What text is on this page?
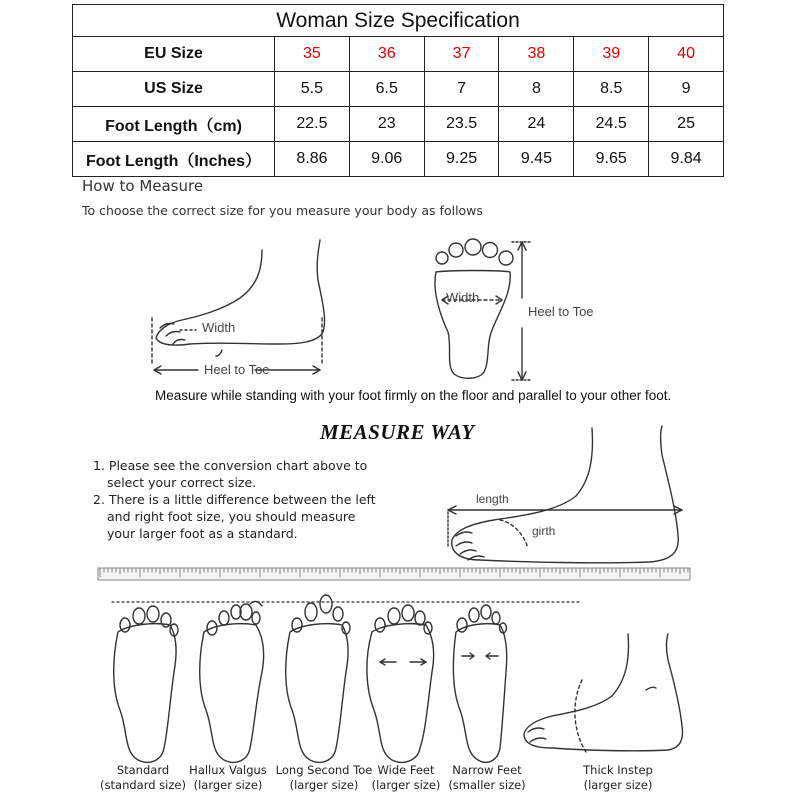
Woman Size Specification						
EU Size	35	36	37	38	39	40
US Size	5.5	6.5	7	8	8.5	9
Foot Length（cm)	22.5	23	23.5	24	24.5	25
Foot Length（Inches）	8.86	9.06	9.25	9.45	9.65	9.84
How to Measure
To choose the correct size for you measure your body as follows
Width
Heel to Toe
Width
Heel to Toe
Measure while standing with your foot firmly on the floor and parallel to your other foot.
MEASURE WAY
1. Please see the conversion chart above to
select your correct size.
2. There is a little difference between the left
and right foot size, you should measure
your larger foot as a standard.
length
girth
Standard
(standard size)
Hallux Valgus
(larger size)
Long Second Toe
(larger size)
Wide Feet
(larger size)
Narrow Feet
(smaller size)
Thick Instep
(larger size)
